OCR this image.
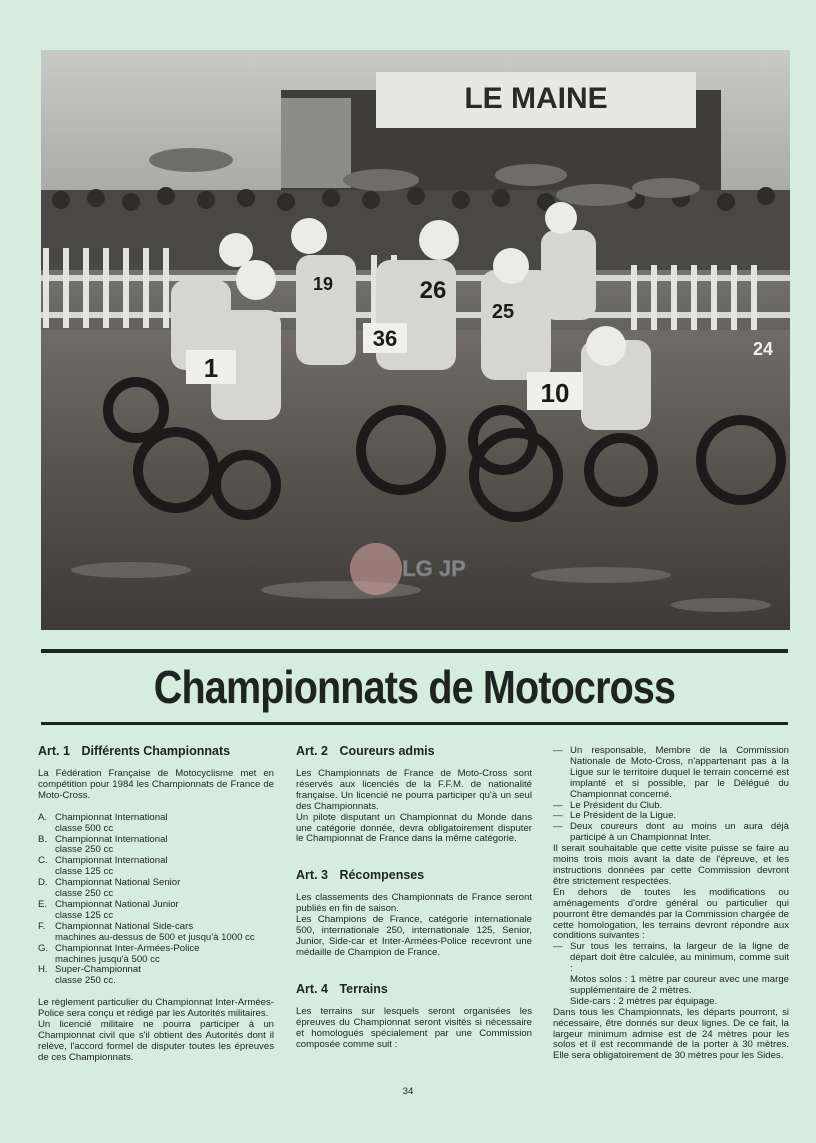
LE MAINE
1
26
36
25
10
19
24
LG JP
Championnats de Motocross
Art. 1 Différents Championnats

La Fédération Française de Motocyclisme met en compétition pour 1984 les Championnats de France de Moto-Cross.

A. Championnat International
classe 500 cc
B. Championnat International
classe 250 cc
C. Championnat International
classe 125 cc
D. Championnat National Senior
classe 250 cc
E. Championnat National Junior
classe 125 cc
F. Championnat National Side-cars
machines au-dessus de 500 et jusqu'à 1000 cc
G. Championnat Inter-Armées-Police
machines jusqu'à 500 cc
H. Super-Championnat
classe 250 cc.

Le règlement particulier du Championnat Inter-Armées-Police sera conçu et rédigé par les Autorités militaires.

Un licencié militaire ne pourra participer à un Championnat civil que s'il obtient des Autorités dont il relève, l'accord formel de disputer toutes les épreuves de ces Championnats.

Art. 2 Coureurs admis

Les Championnats de France de Moto-Cross sont réservés aux licenciés de la F.F.M. de nationalité française. Un licencié ne pourra participer qu'à un seul des Championnats.

Un pilote disputant un Championnat du Monde dans une catégorie donnée, devra obligatoirement disputer le Championnat de France dans la même catégorie.

Art. 3 Récompenses

Les classements des Championnats de France seront publiés en fin de saison.

Les Champions de France, catégorie internationale 500, internationale 250, internationale 125, Senior, Junior, Side-car et Inter-Armées-Police recevront une médaille de Champion de France.

Art. 4 Terrains

Les terrains sur lesquels seront organisées les épreuves du Championnat seront visités si nécessaire et homologués spécialement par une Commission composée comme suit :

— Un responsable, Membre de la Commission Nationale de Moto-Cross, n'appartenant pas à la Ligue sur le territoire duquel le terrain concerné est implanté et si possible, par le Délégué du Championnat concerné.
— Le Président du Club.
— Le Président de la Ligue.
— Deux coureurs dont au moins un aura déjà participé à un Championnat Inter.

Il serait souhaitable que cette visite puisse se faire au moins trois mois avant la date de l'épreuve, et les instructions données par cette Commission devront être strictement respectées.

En dehors de toutes les modifications ou aménagements d'ordre général ou particulier qui pourront être demandés par la Commission chargée de cette homologation, les terrains devront répondre aux conditions suivantes :

— Sur tous les terrains, la largeur de la ligne de départ doit être calculée, au minimum, comme suit :

Motos solos : 1 mètre par coureur avec une marge supplémentaire de 2 mètres.

Side-cars : 2 mètres par équipage.

Dans tous les Championnats, les départs pourront, si nécessaire, être donnés sur deux lignes. De ce fait, la largeur minimum admise est de 24 mètres pour les solos et il est recommandé de la porter à 30 mètres. Elle sera obligatoirement de 30 mètres pour les Sides.

34
